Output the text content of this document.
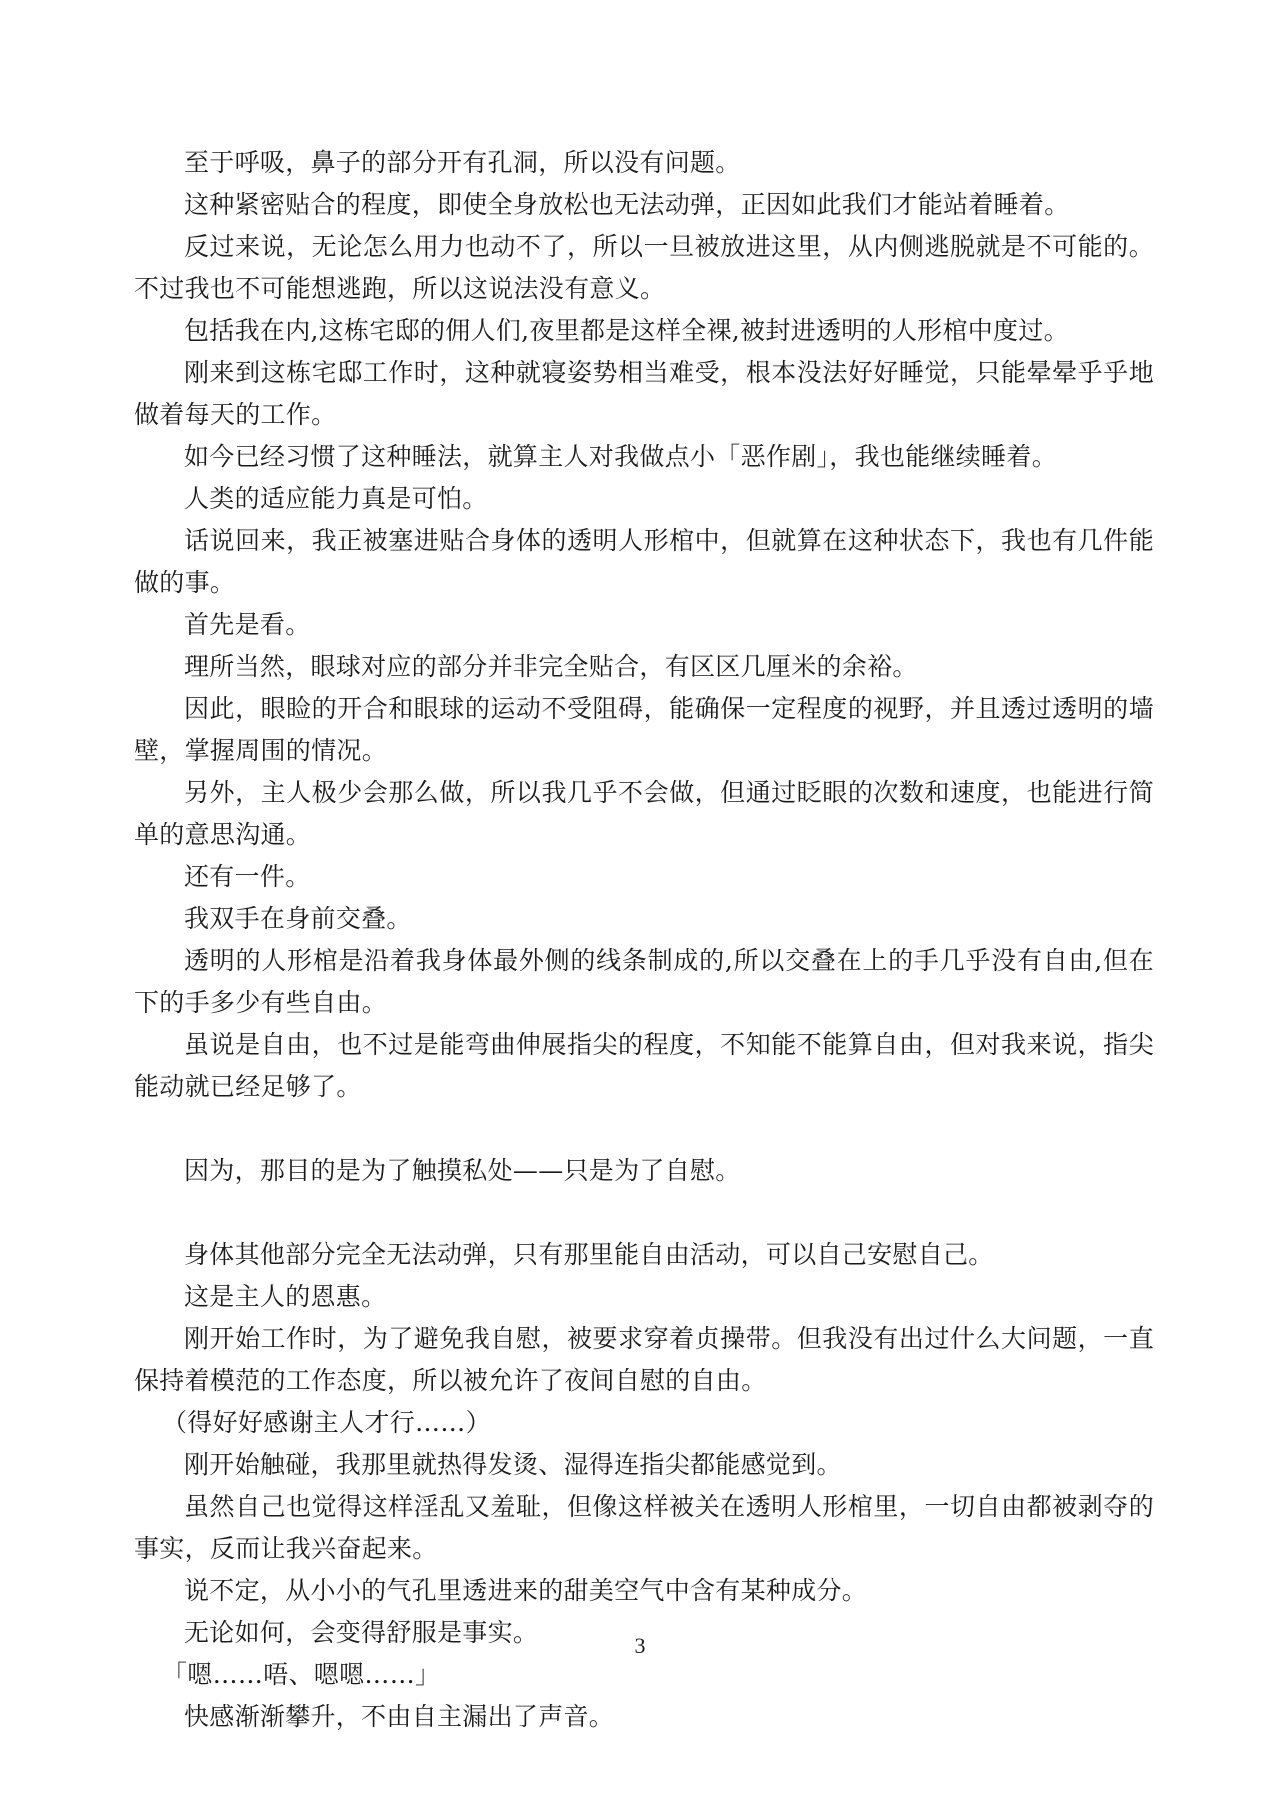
至于呼吸，鼻子的部分开有孔洞，所以没有问题。

这种紧密贴合的程度，即使全身放松也无法动弹，正因如此我们才能站着睡着。

反过来说，无论怎么用力也动不了，所以一旦被放进这里，从内侧逃脱就是不可能的。不过我也不可能想逃跑，所以这说法没有意义。

包括我在内,这栋宅邸的佣人们,夜里都是这样全裸,被封进透明的人形棺中度过。

刚来到这栋宅邸工作时，这种就寝姿势相当难受，根本没法好好睡觉，只能晕晕乎乎地做着每天的工作。

如今已经习惯了这种睡法，就算主人对我做点小「恶作剧」，我也能继续睡着。

人类的适应能力真是可怕。

话说回来，我正被塞进贴合身体的透明人形棺中，但就算在这种状态下，我也有几件能做的事。

首先是看。

理所当然，眼球对应的部分并非完全贴合，有区区几厘米的余裕。

因此，眼睑的开合和眼球的运动不受阻碍，能确保一定程度的视野，并且透过透明的墙壁，掌握周围的情况。

另外，主人极少会那么做，所以我几乎不会做，但通过眨眼的次数和速度，也能进行简单的意思沟通。

还有一件。

我双手在身前交叠。

透明的人形棺是沿着我身体最外侧的线条制成的,所以交叠在上的手几乎没有自由,但在下的手多少有些自由。

虽说是自由，也不过是能弯曲伸展指尖的程度，不知能不能算自由，但对我来说，指尖能动就已经足够了。

因为，那目的是为了触摸私处——只是为了自慰。

身体其他部分完全无法动弹，只有那里能自由活动，可以自己安慰自己。

这是主人的恩惠。

刚开始工作时，为了避免我自慰，被要求穿着贞操带。但我没有出过什么大问题，一直保持着模范的工作态度，所以被允许了夜间自慰的自由。

（得好好感谢主人才行……）

刚开始触碰，我那里就热得发烫、湿得连指尖都能感觉到。

虽然自己也觉得这样淫乱又羞耻，但像这样被关在透明人形棺里，一切自由都被剥夺的事实，反而让我兴奋起来。

说不定，从小小的气孔里透进来的甜美空气中含有某种成分。

无论如何，会变得舒服是事实。

「嗯……唔、嗯嗯……」

快感渐渐攀升，不由自主漏出了声音。

3
